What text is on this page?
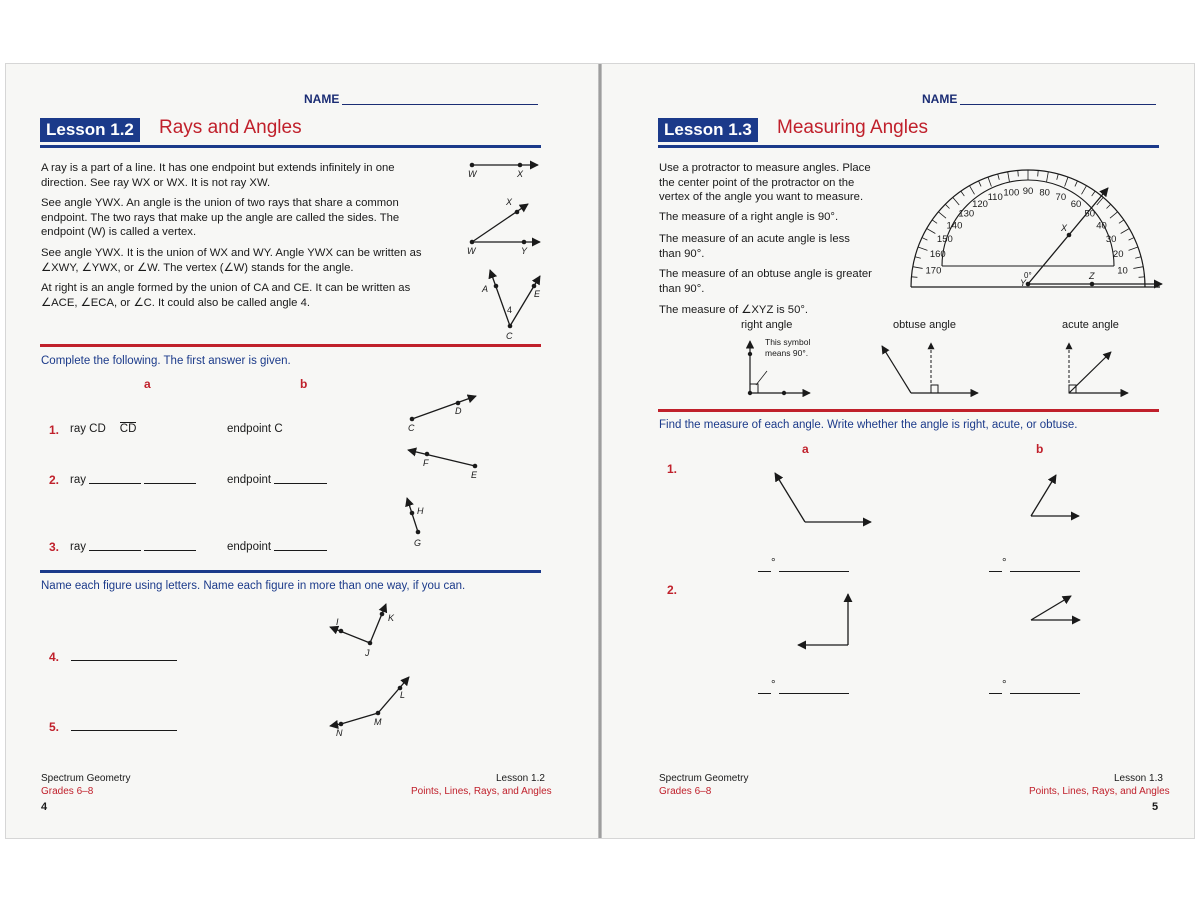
NAME
Lesson 1.2	Rays and Angles
A ray is a part of a line. It has one endpoint but extends infinitely in one direction. See ray WX or WX. It is not ray XW.
See angle YWX. An angle is the union of two rays that share a common endpoint. The two rays that make up the angle are called the sides. The endpoint (W) is called a vertex.
See angle YWX. It is the union of WX and WY. Angle YWX can be written as ∠XWY, ∠YWX, or ∠W. The vertex (∠W) stands for the angle.
At right is an angle formed by the union of CA and CE. It can be written as ∠ACE, ∠ECA, or ∠C. It could also be called angle 4.
W	X
X
W	Y
A	E
C
4
C
D
E
F
H
G
I	K
J
N
M
L
Complete the following. The first answer is given.
a	b
1. ray CD CD	endpoint C
2. ray	endpoint
3. ray	endpoint
Name each figure using letters. Name each figure in more than one way, if you can.
4.
5.
Spectrum Geometry
Grades 6–8
Lesson 1.2
Points, Lines, Rays, and Angles
4
NAME
Lesson 1.3	Measuring Angles
Use a protractor to measure angles. Place the center point of the protractor on the vertex of the angle you want to measure.
The measure of a right angle is 90°.
The measure of an acute angle is less than 90°.
The measure of an obtuse angle is greater than 90°.
The measure of ∠XYZ is 50°.
right angle	obtuse angle	acute angle
This symbol means 90°.
10
20
30
40
50
60
70
80
90
100
110
120
130
140
150
160
170
X
Y
Z
0°
Find the measure of each angle. Write whether the angle is right, acute, or obtuse.
a	b
1.
2.
°	°
°	°
Spectrum Geometry
Grades 6–8
Lesson 1.3
Points, Lines, Rays, and Angles
5
